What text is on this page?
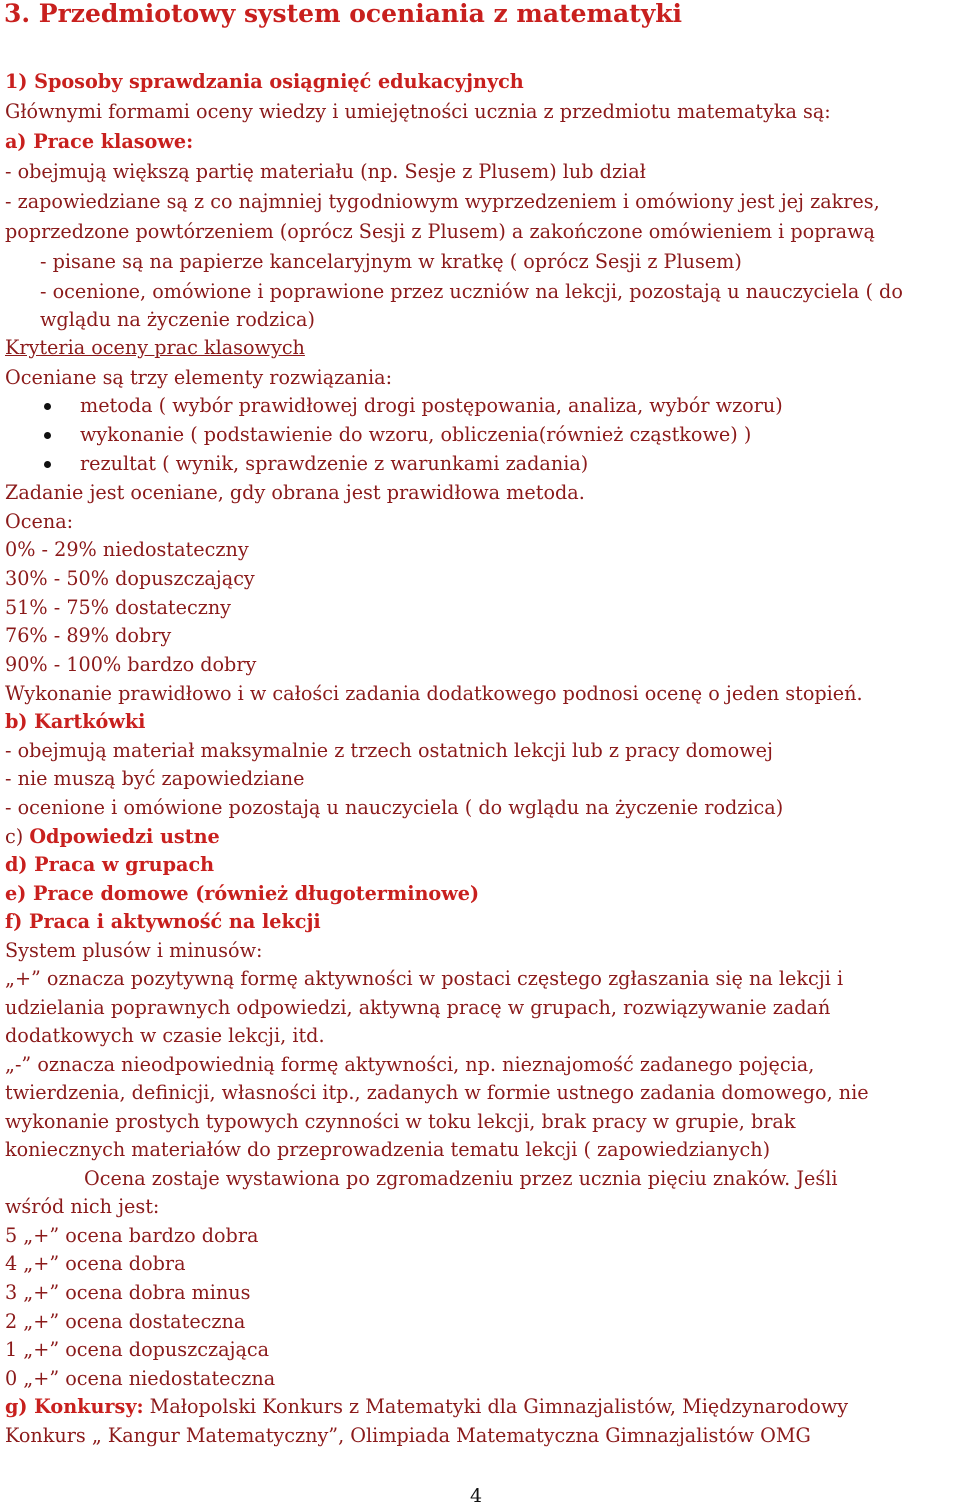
3. Przedmiotowy system oceniania z matematyki
1) Sposoby sprawdzania osiągnięć edukacyjnych
Głównymi formami oceny wiedzy i umiejętności ucznia z przedmiotu matematyka są:
a) Prace klasowe:
- obejmują większą partię materiału (np. Sesje z Plusem) lub dział
- zapowiedziane są z co najmniej tygodniowym wyprzedzeniem i omówiony jest jej zakres,
poprzedzone powtórzeniem (oprócz Sesji z Plusem) a zakończone omówieniem i poprawą
- pisane są na papierze kancelaryjnym w kratkę ( oprócz Sesji z Plusem)
- ocenione, omówione i poprawione przez uczniów na lekcji, pozostają u nauczyciela ( do
wglądu na życzenie rodzica)
Kryteria oceny prac klasowych
Oceniane są trzy elementy rozwiązania:
metoda ( wybór prawidłowej drogi postępowania, analiza, wybór wzoru)
wykonanie ( podstawienie do wzoru, obliczenia(również cząstkowe) )
rezultat ( wynik, sprawdzenie z warunkami zadania)
Zadanie jest oceniane, gdy obrana jest prawidłowa metoda.
Ocena:
0% - 29% niedostateczny
30% - 50% dopuszczający
51% - 75% dostateczny
76% - 89% dobry
90% - 100% bardzo dobry
Wykonanie prawidłowo i w całości zadania dodatkowego podnosi ocenę o jeden stopień.
b) Kartkówki
- obejmują materiał maksymalnie z trzech ostatnich lekcji lub z pracy domowej
- nie muszą być zapowiedziane
- ocenione i omówione pozostają u nauczyciela ( do wglądu na życzenie rodzica)
c) Odpowiedzi ustne
d) Praca w grupach
e) Prace domowe (również długoterminowe)
f) Praca i aktywność na lekcji
System plusów i minusów:
„+” oznacza pozytywną formę aktywności w postaci częstego zgłaszania się na lekcji i
udzielania poprawnych odpowiedzi, aktywną pracę w grupach, rozwiązywanie zadań
dodatkowych w czasie lekcji, itd.
„-” oznacza nieodpowiednią formę aktywności, np. nieznajomość zadanego pojęcia,
twierdzenia, definicji, własności itp., zadanych w formie ustnego zadania domowego, nie
wykonanie prostych typowych czynności w toku lekcji, brak pracy w grupie, brak
koniecznych materiałów do przeprowadzenia tematu lekcji ( zapowiedzianych)
Ocena zostaje wystawiona po zgromadzeniu przez ucznia pięciu znaków. Jeśli
wśród nich jest:
5 „+” ocena bardzo dobra
4 „+” ocena dobra
3 „+” ocena dobra minus
2 „+” ocena dostateczna
1 „+” ocena dopuszczająca
0 „+” ocena niedostateczna
g) Konkursy: Małopolski Konkurs z Matematyki dla Gimnazjalistów, Międzynarodowy
Konkurs „ Kangur Matematyczny”, Olimpiada Matematyczna Gimnazjalistów OMG
4
